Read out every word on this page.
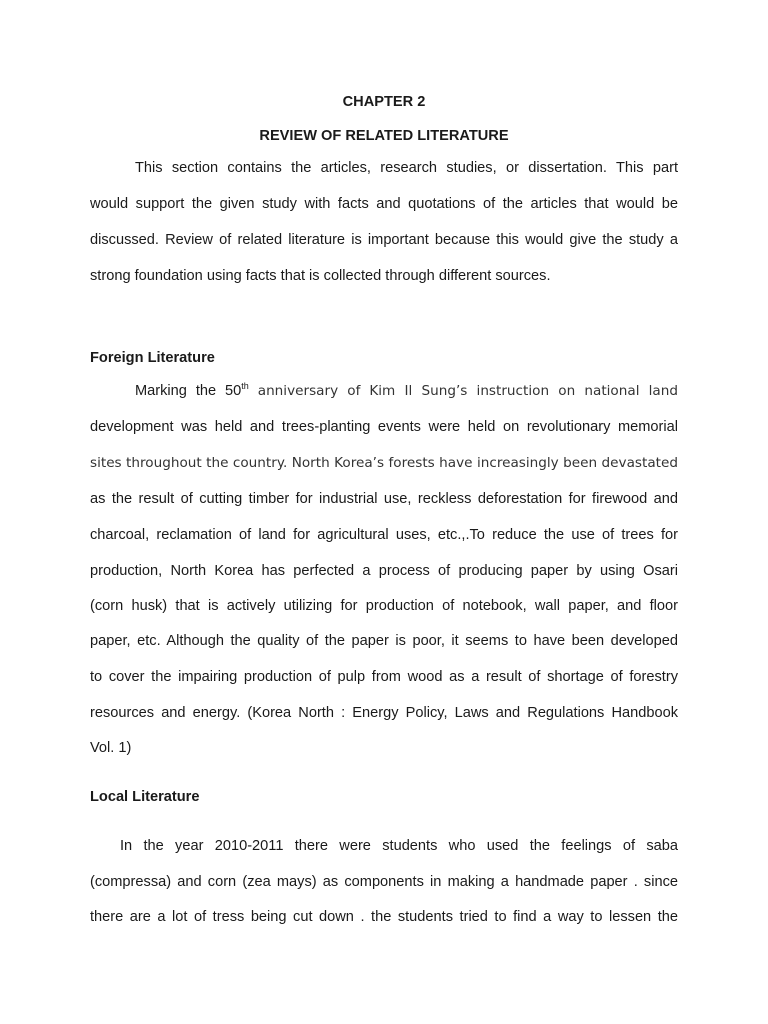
CHAPTER 2
REVIEW OF RELATED LITERATURE
This section contains the articles, research studies, or dissertation. This part
would support the given study with facts and quotations of the articles that would be
discussed. Review of related literature is important because this would give the study a
strong foundation using facts that is collected through different sources.
Foreign Literature
Marking the 50th anniversary of Kim Il Sung’s instruction on national land
development was held and trees-planting events were held on revolutionary memorial
sites throughout the country. North Korea’s forests have increasingly been devastated
as the result of cutting timber for industrial use, reckless deforestation for firewood and
charcoal, reclamation of land for agricultural uses, etc.,.To reduce the use of trees for
production, North Korea has perfected a process of producing paper by using Osari
(corn husk) that is actively utilizing for production of notebook, wall paper, and floor
paper, etc. Although the quality of the paper is poor, it seems to have been developed
to cover the impairing production of pulp from wood as a result of shortage of forestry
resources and energy. (Korea North : Energy Policy, Laws and Regulations Handbook
Vol. 1)
Local Literature
In the year 2010-2011 there were students who used the feelings of saba
(compressa) and corn (zea mays) as components in making a handmade paper . since
there are a lot of tress being cut down . the students tried to find a way to lessen the
